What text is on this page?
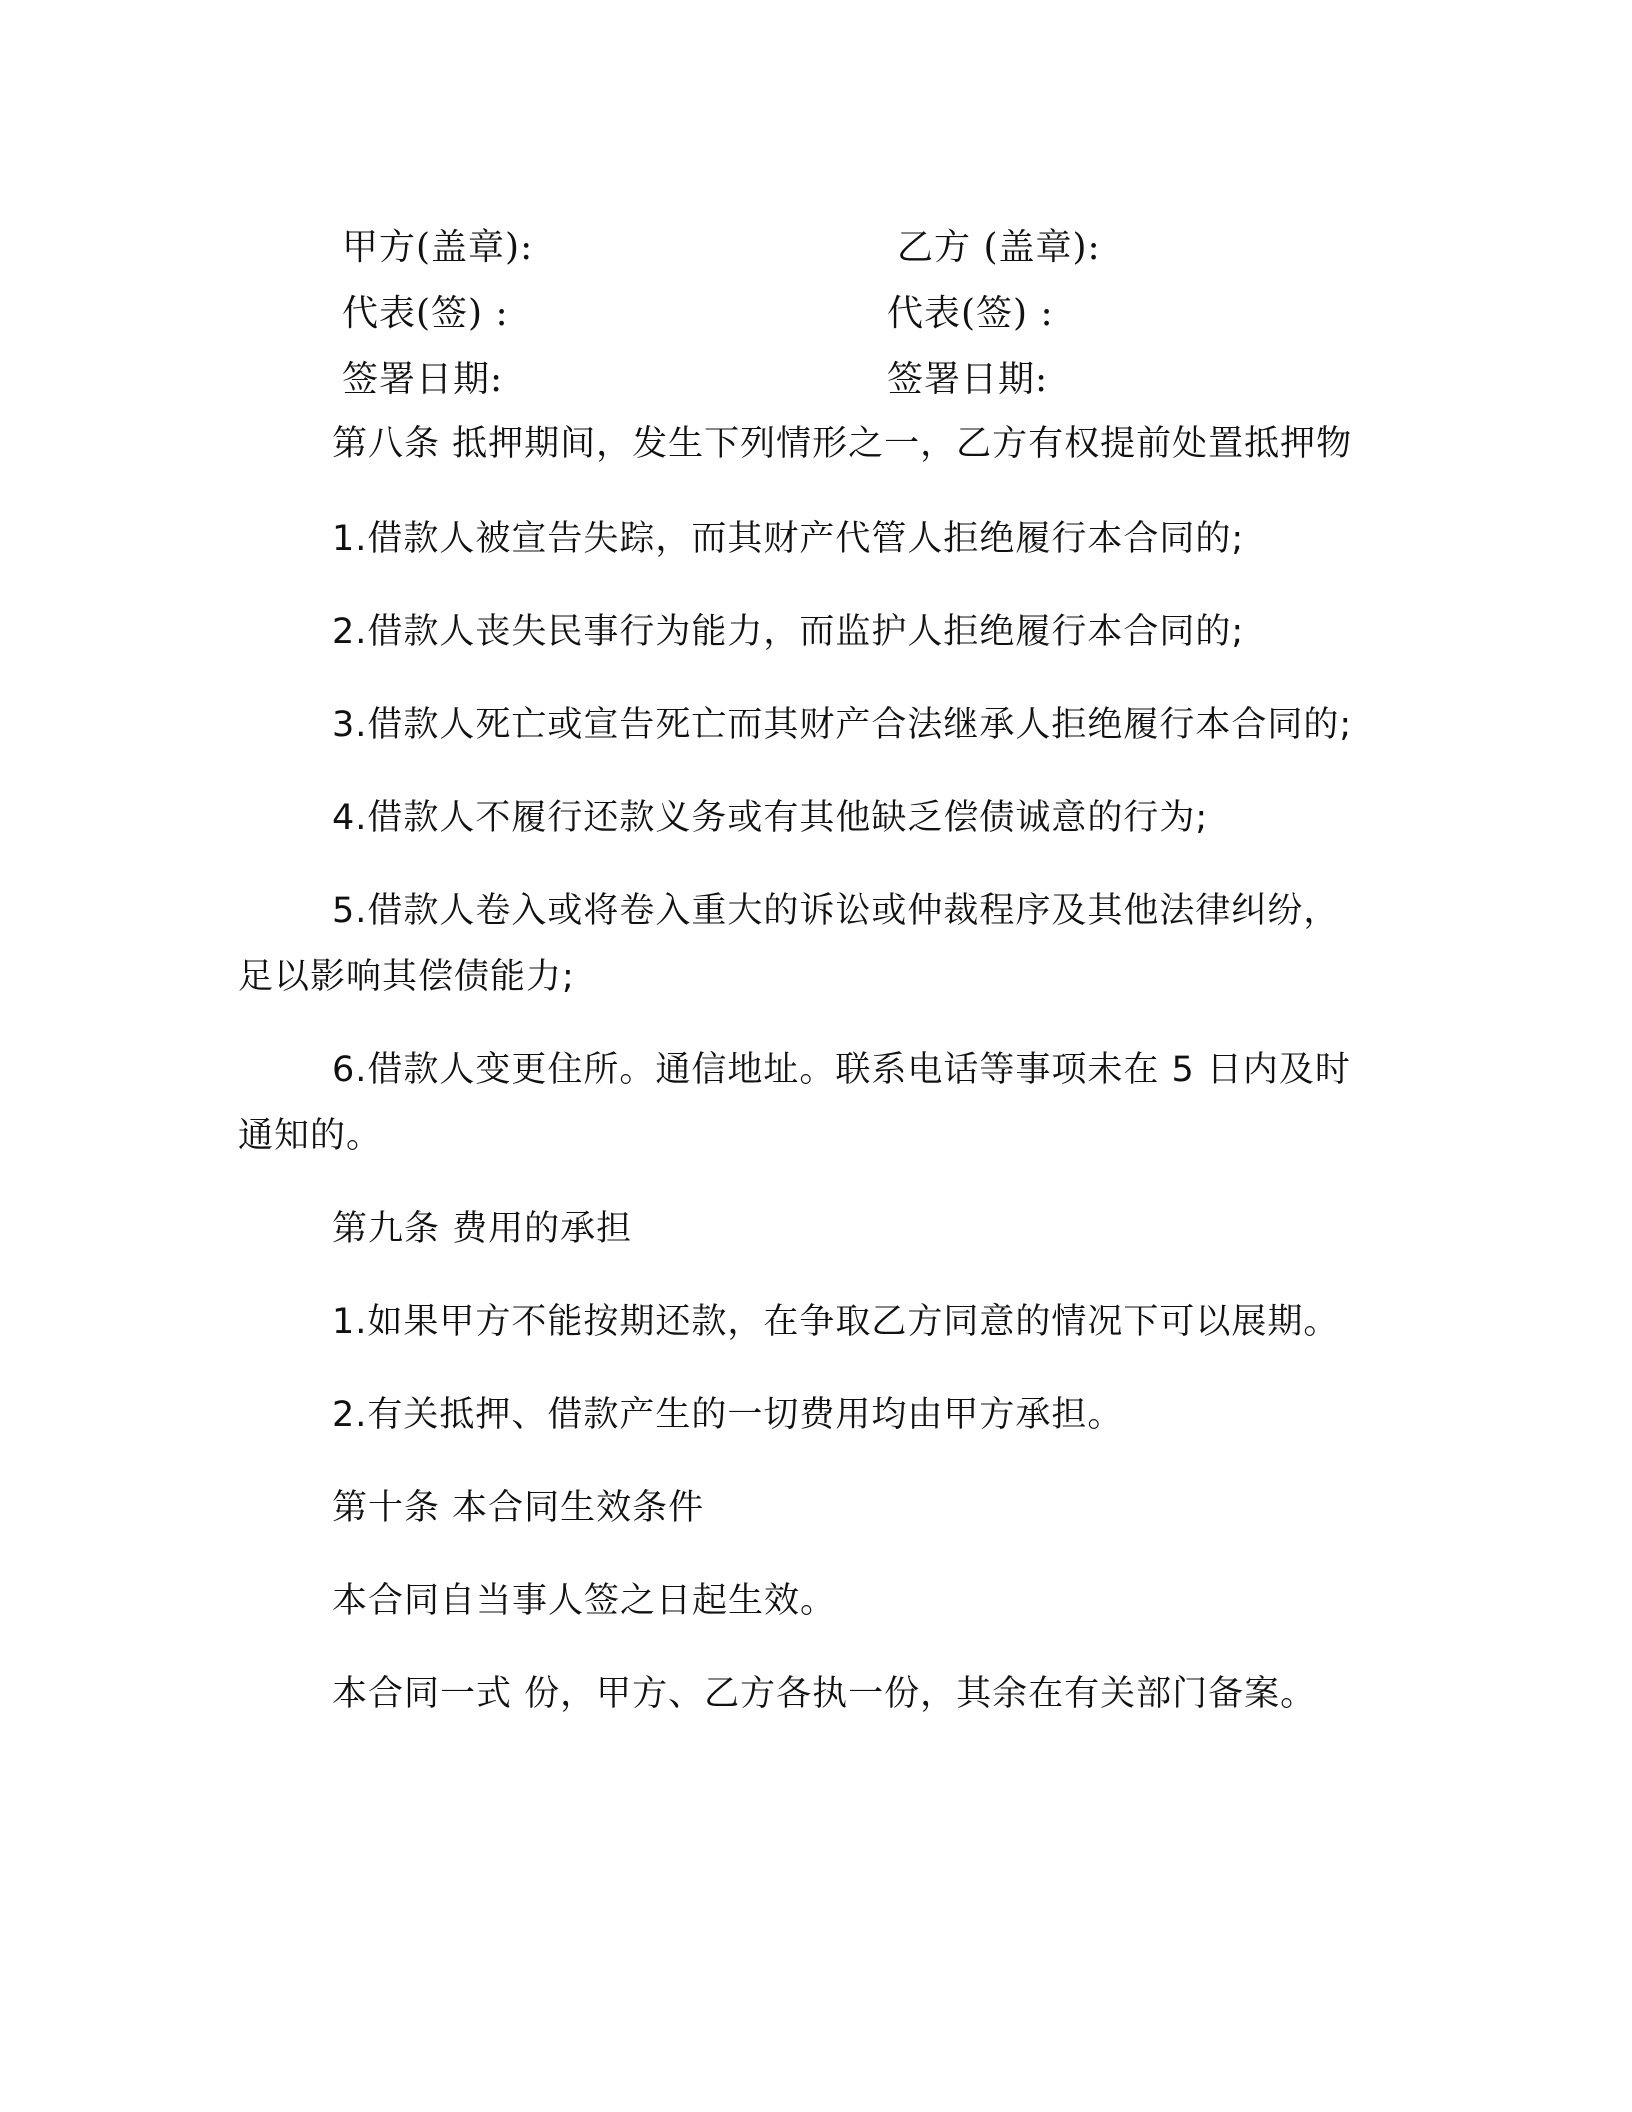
甲方(盖章):	乙方 (盖章):
代表(签) :	代表(签) :
签署日期:	签署日期:
第八条 抵押期间，发生下列情形之一，乙方有权提前处置抵押物
1.借款人被宣告失踪，而其财产代管人拒绝履行本合同的;
2.借款人丧失民事行为能力，而监护人拒绝履行本合同的;
3.借款人死亡或宣告死亡而其财产合法继承人拒绝履行本合同的;
4.借款人不履行还款义务或有其他缺乏偿债诚意的行为;
5.借款人卷入或将卷入重大的诉讼或仲裁程序及其他法律纠纷，
足以影响其偿债能力;
6.借款人变更住所。通信地址。联系电话等事项未在 5 日内及时
通知的。
第九条 费用的承担
1.如果甲方不能按期还款，在争取乙方同意的情况下可以展期。
2.有关抵押、借款产生的一切费用均由甲方承担。
第十条 本合同生效条件
本合同自当事人签之日起生效。
本合同一式 份，甲方、乙方各执一份，其余在有关部门备案。
